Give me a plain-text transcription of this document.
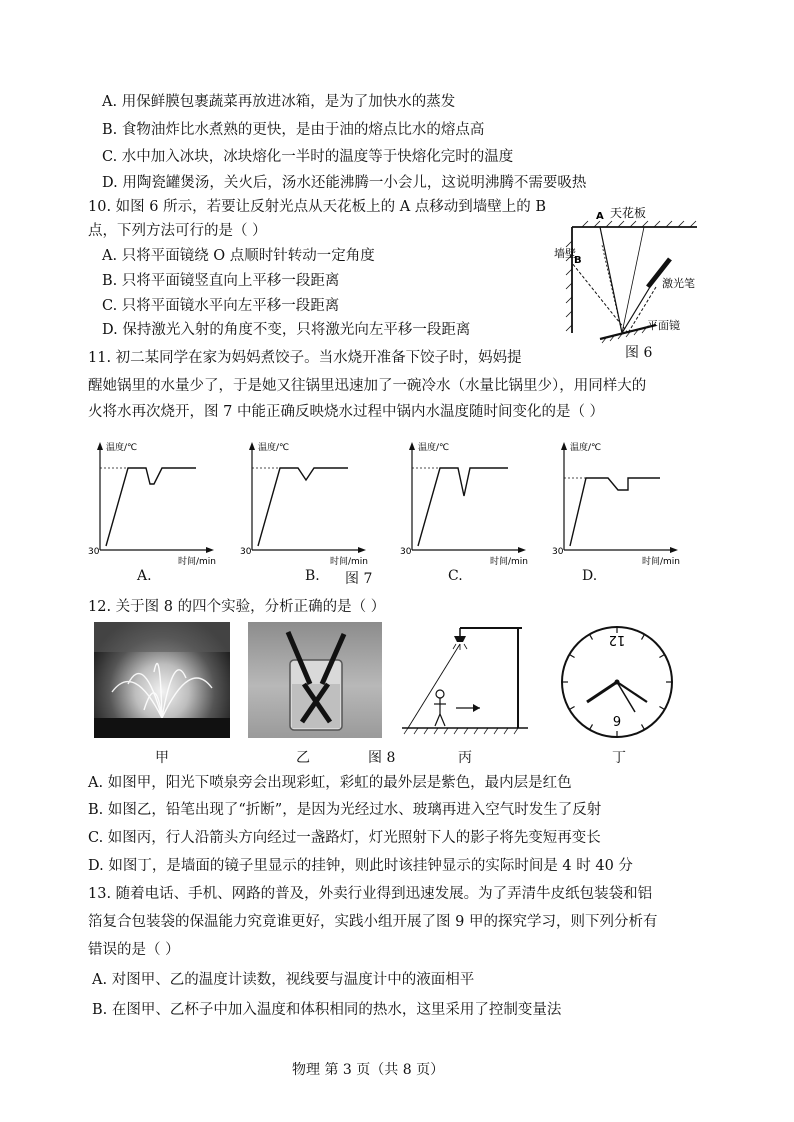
A. 用保鲜膜包裹蔬菜再放进冰箱，是为了加快水的蒸发
B. 食物油炸比水煮熟的更快，是由于油的熔点比水的熔点高
C. 水中加入冰块，冰块熔化一半时的温度等于快熔化完时的温度
D. 用陶瓷罐煲汤，关火后，汤水还能沸腾一小会儿，这说明沸腾不需要吸热
10. 如图 6 所示，若要让反射光点从天花板上的 A 点移动到墙壁上的 B
点，下列方法可行的是（ ）
A. 只将平面镜绕 O 点顺时针转动一定角度
B. 只将平面镜竖直向上平移一段距离
C. 只将平面镜水平向左平移一段距离
D. 保持激光入射的角度不变，只将激光向左平移一段距离
天花板
墙壁
B
A
激光笔
平面镜
图 6
11. 初二某同学在家为妈妈煮饺子。当水烧开准备下饺子时，妈妈提
醒她锅里的水量少了，于是她又往锅里迅速加了一碗冷水（水量比锅里少），用同样大的
火将水再次烧开，图 7 中能正确反映烧水过程中锅内水温度随时间变化的是（ ）
温度/℃
时间/min
30
温度/℃
时间/min
30
温度/℃
时间/min
30
温度/℃
时间/min
30
A.	B. 图 7	C.	D.
12. 关于图 8 的四个实验，分析正确的是（ ）
甲	乙	图 8	丙
12
6
丁
A. 如图甲，阳光下喷泉旁会出现彩虹，彩虹的最外层是紫色，最内层是红色
B. 如图乙，铅笔出现了“折断”，是因为光经过水、玻璃再进入空气时发生了反射
C. 如图丙，行人沿箭头方向经过一盏路灯，灯光照射下人的影子将先变短再变长
D. 如图丁，是墙面的镜子里显示的挂钟，则此时该挂钟显示的实际时间是 4 时 40 分
13. 随着电话、手机、网路的普及，外卖行业得到迅速发展。为了弄清牛皮纸包装袋和铝
箔复合包装袋的保温能力究竟谁更好，实践小组开展了图 9 甲的探究学习，则下列分析有
错误的是（ ）
A. 对图甲、乙的温度计读数，视线要与温度计中的液面相平
B. 在图甲、乙杯子中加入温度和体积相同的热水，这里采用了控制变量法
物理 第 3 页（共 8 页）
